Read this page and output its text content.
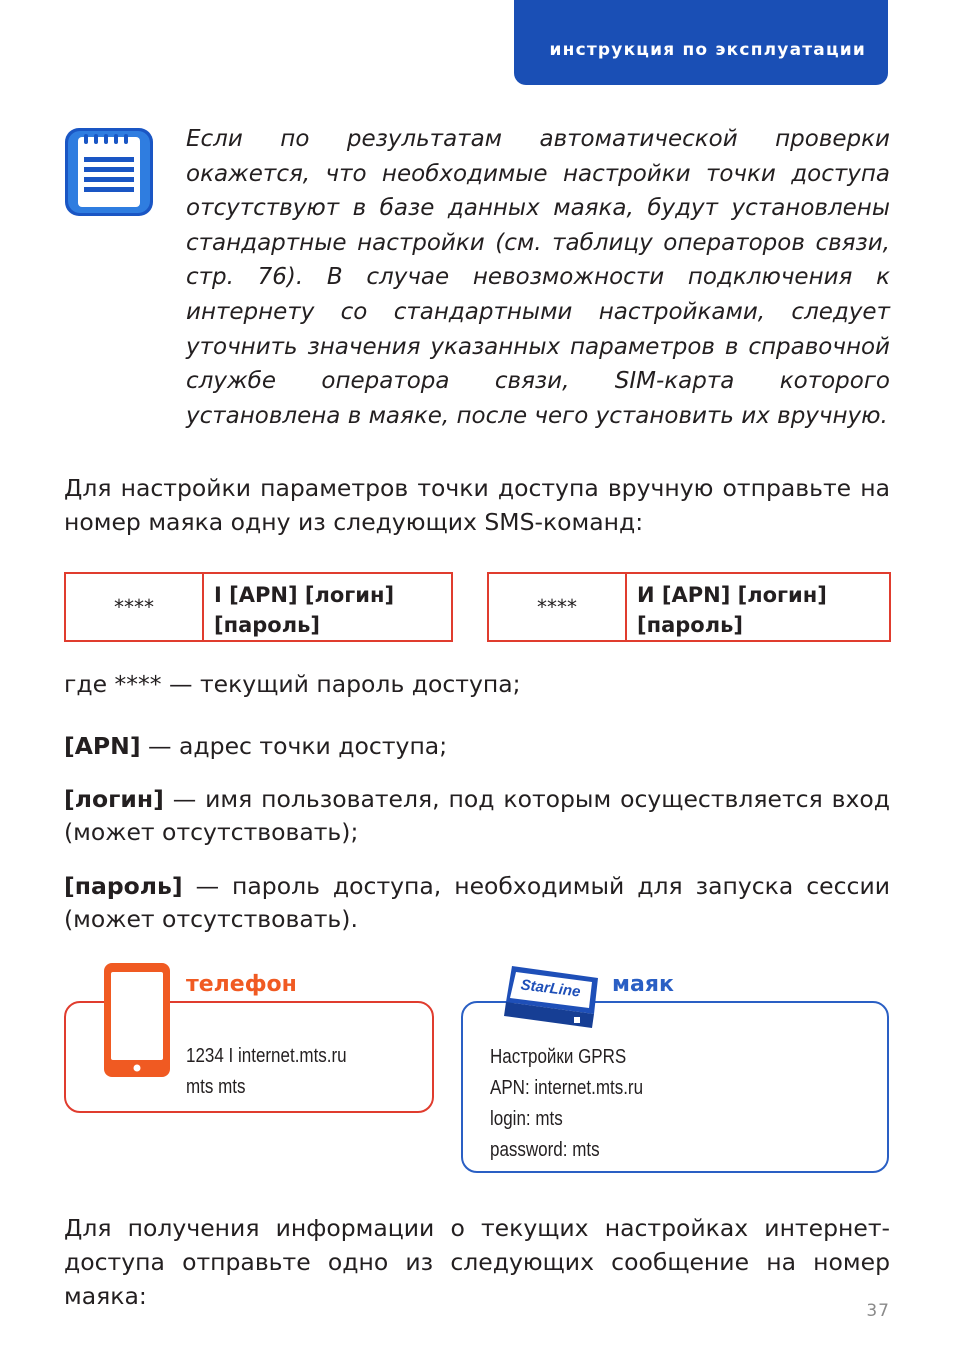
инструкция по эксплуатации

Если по результатам автоматической проверки окажется, что необходимые настройки точки доступа отсутствуют в базе данных маяка, будут установлены стандартные настройки (см. таблицу операторов связи, стр. 76). В случае невозможности подключения к интернету со стандартными настройками, следует уточнить значения указанных параметров в справочной службе оператора связи, SIM-карта которого установлена в маяке, после чего установить их вручную.

Для настройки параметров точки доступа вручную отправьте на номер маяка одну из следующих SMS-команд:

****	I [APN] [логин] [пароль]
****	И [APN] [логин] [пароль]

где **** — текущий пароль доступа;

[APN] — адрес точки доступа;

[логин] — имя пользователя, под которым осуществляется вход (может отсутствовать);

[пароль] — пароль доступа, необходимый для запуска сессии (может отсутствовать).

телефон
1234 I internet.mts.ru
mts mts
StarLine маяк
Настройки GPRS
APN: internet.mts.ru
login: mts
password: mts

Для получения информации о текущих настройках интернет-доступа отправьте одно из следующих сообщение на номер маяка:

37
